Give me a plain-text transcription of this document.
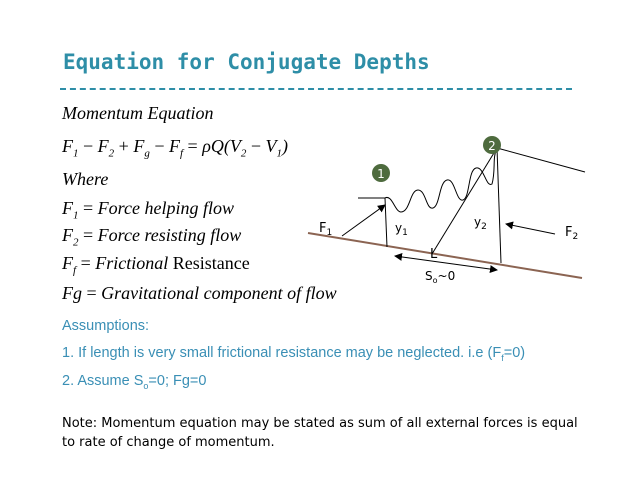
Equation for Conjugate Depths
Momentum Equation
$F_1 - F_2 + F_g - F_f = \rho Q(V_2 - V_1)$
Where
$F_1$ = Force helping flow
$F_2$ = Force resisting flow
$F_f$ = Frictional Resistance
Fg = Gravitational component of flow
1
2
$F_1$	$F_2$
$y_1$
$y_2$
L
$S_o\sim 0$
Assumptions:
1. If length is very small frictional resistance may be neglected. i.e $(F_f=0)$
2. Assume $S_o=0$; Fg=0
Note: Momentum equation may be stated as sum of all external forces is equal to rate of change of momentum.
